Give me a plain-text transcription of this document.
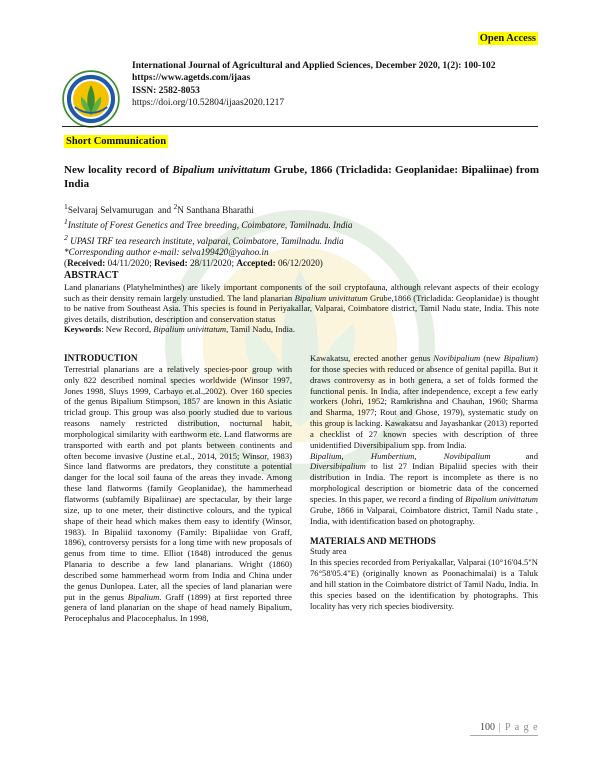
Open Access
International Journal of Agricultural and Applied Sciences, December 2020, 1(2): 100-102
https://www.agetds.com/ijaas
ISSN: 2582-8053
https://doi.org/10.52804/ijaas2020.1217
Short Communication
New locality record of Bipalium univittatum Grube, 1866 (Tricladida: Geoplanidae: Bipaliinae) from India
$^1$Selvaraj Selvamurugan  and $^2$N Santhana Bharathi
$^1$Institute of Forest Genetics and Tree breeding, Coimbatore, Tamilnadu. India
$^2$ UPASI TRF tea research institute, valparai, Coimbatore, Tamilnadu. India
*Corresponding author e-mail: selva199420@yahoo.in
(Received: 04/11/2020; Revised: 28/11/2020; Accepted: 06/12/2020)
ABSTRACT
Land planarians (Platyhelminthes) are likely important components of the soil cryptofauna, although relevant aspects of their ecology such as their density remain largely unstudied. The land planarian Bipalium univittatum Grube,1866 (Tricladida: Geoplanidae) is thought to be native from Southeast Asia. This species is found in Periyakallar, Valparai, Coimbatore district, Tamil Nadu state, India. This note gives details, distribution, description and conservation status
Keywords: New Record, Bipalium univittatum, Tamil Nadu, India.
INTRODUCTION
Terrestrial planarians are a relatively species-poor group with only 822 described nominal species worldwide (Winsor 1997, Jones 1998, Sluys 1999, Carbayo et.al.,2002). Over 160 species of the genus Bipalium Stimpson, 1857 are known in this Asiatic triclad group. This group was also poorly studied due to various reasons namely restricted distribution, nocturnal habit, morphological similarity with earthworm etc. Land flatworms are transported with earth and pot plants between continents and often become invasive (Justine et.al., 2014, 2015; Winsor, 1983) Since land flatworms are predators, they constitute a potential danger for the local soil fauna of the areas they invade. Among these land flatworms (family Geoplanidae), the hammerhead flatworms (subfamily Bipaliinae) are spectacular, by their large size, up to one meter, their distinctive colours, and the typical shape of their head which makes them easy to identify (Winsor, 1983). In Bipaliid taxonomy (Family: Bipaliidae von Graff, 1896), controversy persists for a long time with new proposals of genus from time to time. Elliot (1848) introduced the genus Planaria to describe a few land planarians. Wright (1860) described some hammerhead worm from India and China under the genus Dunlopea. Later, all the species of land planarian were put in the genus Bipalium. Graff (1899) at first reported three genera of land planarian on the shape of head namely Bipalium, Perocephalus and Placocephalus. In 1998,
Kawakatsu, erected another genus Novibipalium (new Bipalium) for those species with reduced or absence of genital papilla. But it draws controversy as in both genera, a set of folds formed the functional penis. In India, after independence, except a few early workers (Johri, 1952; Ramkrishna and Chauhan, 1960; Sharma and Sharma, 1977; Rout and Ghose, 1979), systematic study on this group is lacking. Kawakatsu and Jayashankar (2013) reported a checklist of 27 known species with description of three unidentified Diversibipalium spp. from India.
Bipalium,       Humbertium,       Novibipalium	and Diversibipalium to list 27 Indian Bipaliid species with their distribution in India. The report is incomplete as there is no morphological description or biometric data of the concerned species. In this paper, we record a finding of Bipalium univittatum Grube, 1866 in Valparai, Coimbatore district, Tamil Nadu state , India, with identification based on photography.
MATERIALS AND METHODS
Study area
In this species recorded from Periyakallar, Valparai (10°16'04.5"N 76°58'05.4"E) (originally known as Poonachimalai) is a Taluk and hill station in the Coimbatore district of Tamil Nadu, India. In this species based on the identification by photographs. This locality has very rich species biodiversity.
100 | P a g e
